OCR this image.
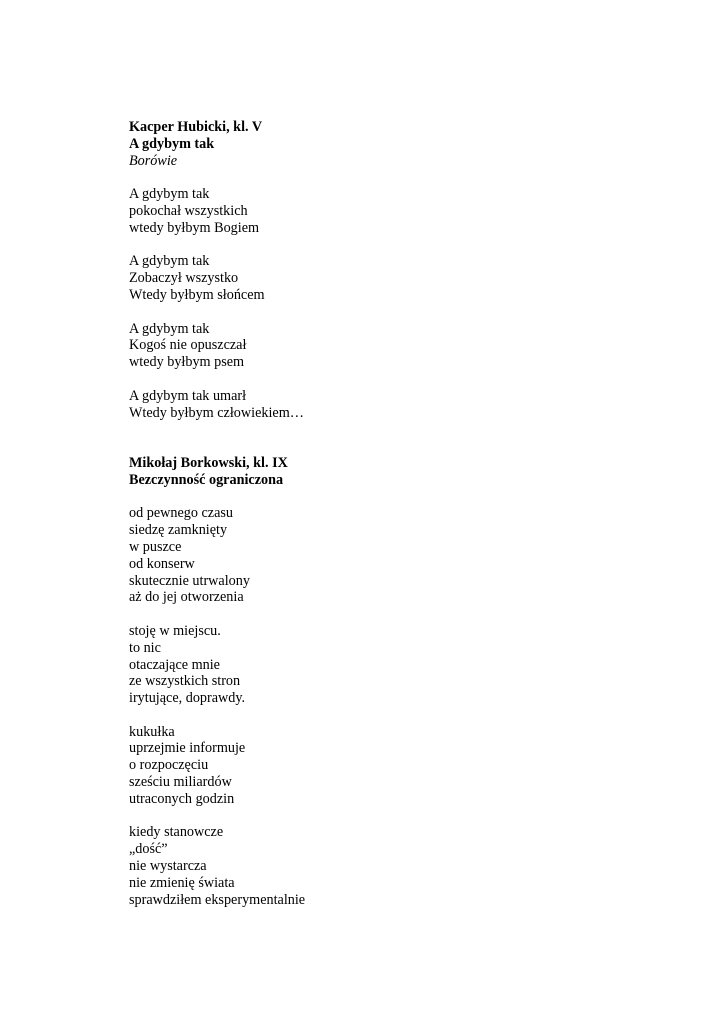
Kacper Hubicki, kl. V
A gdybym tak
Borówie
A gdybym tak
pokochał wszystkich
wtedy byłbym Bogiem
A gdybym tak
Zobaczył wszystko
Wtedy byłbym słońcem
A gdybym tak
Kogoś nie opuszczał
wtedy byłbym psem
A gdybym tak umarł
Wtedy byłbym człowiekiem…
Mikołaj Borkowski, kl. IX
Bezczynność ograniczona
od pewnego czasu
siedzę zamknięty
w puszce
od konserw
skutecznie utrwalony
aż do jej otworzenia
stoję w miejscu.
to nic
otaczające mnie
ze wszystkich stron
irytujące, doprawdy.
kukułka
uprzejmie informuje
o rozpoczęciu
sześciu miliardów
utraconych godzin
kiedy stanowcze
„dość”
nie wystarcza
nie zmienię świata
sprawdziłem eksperymentalnie
